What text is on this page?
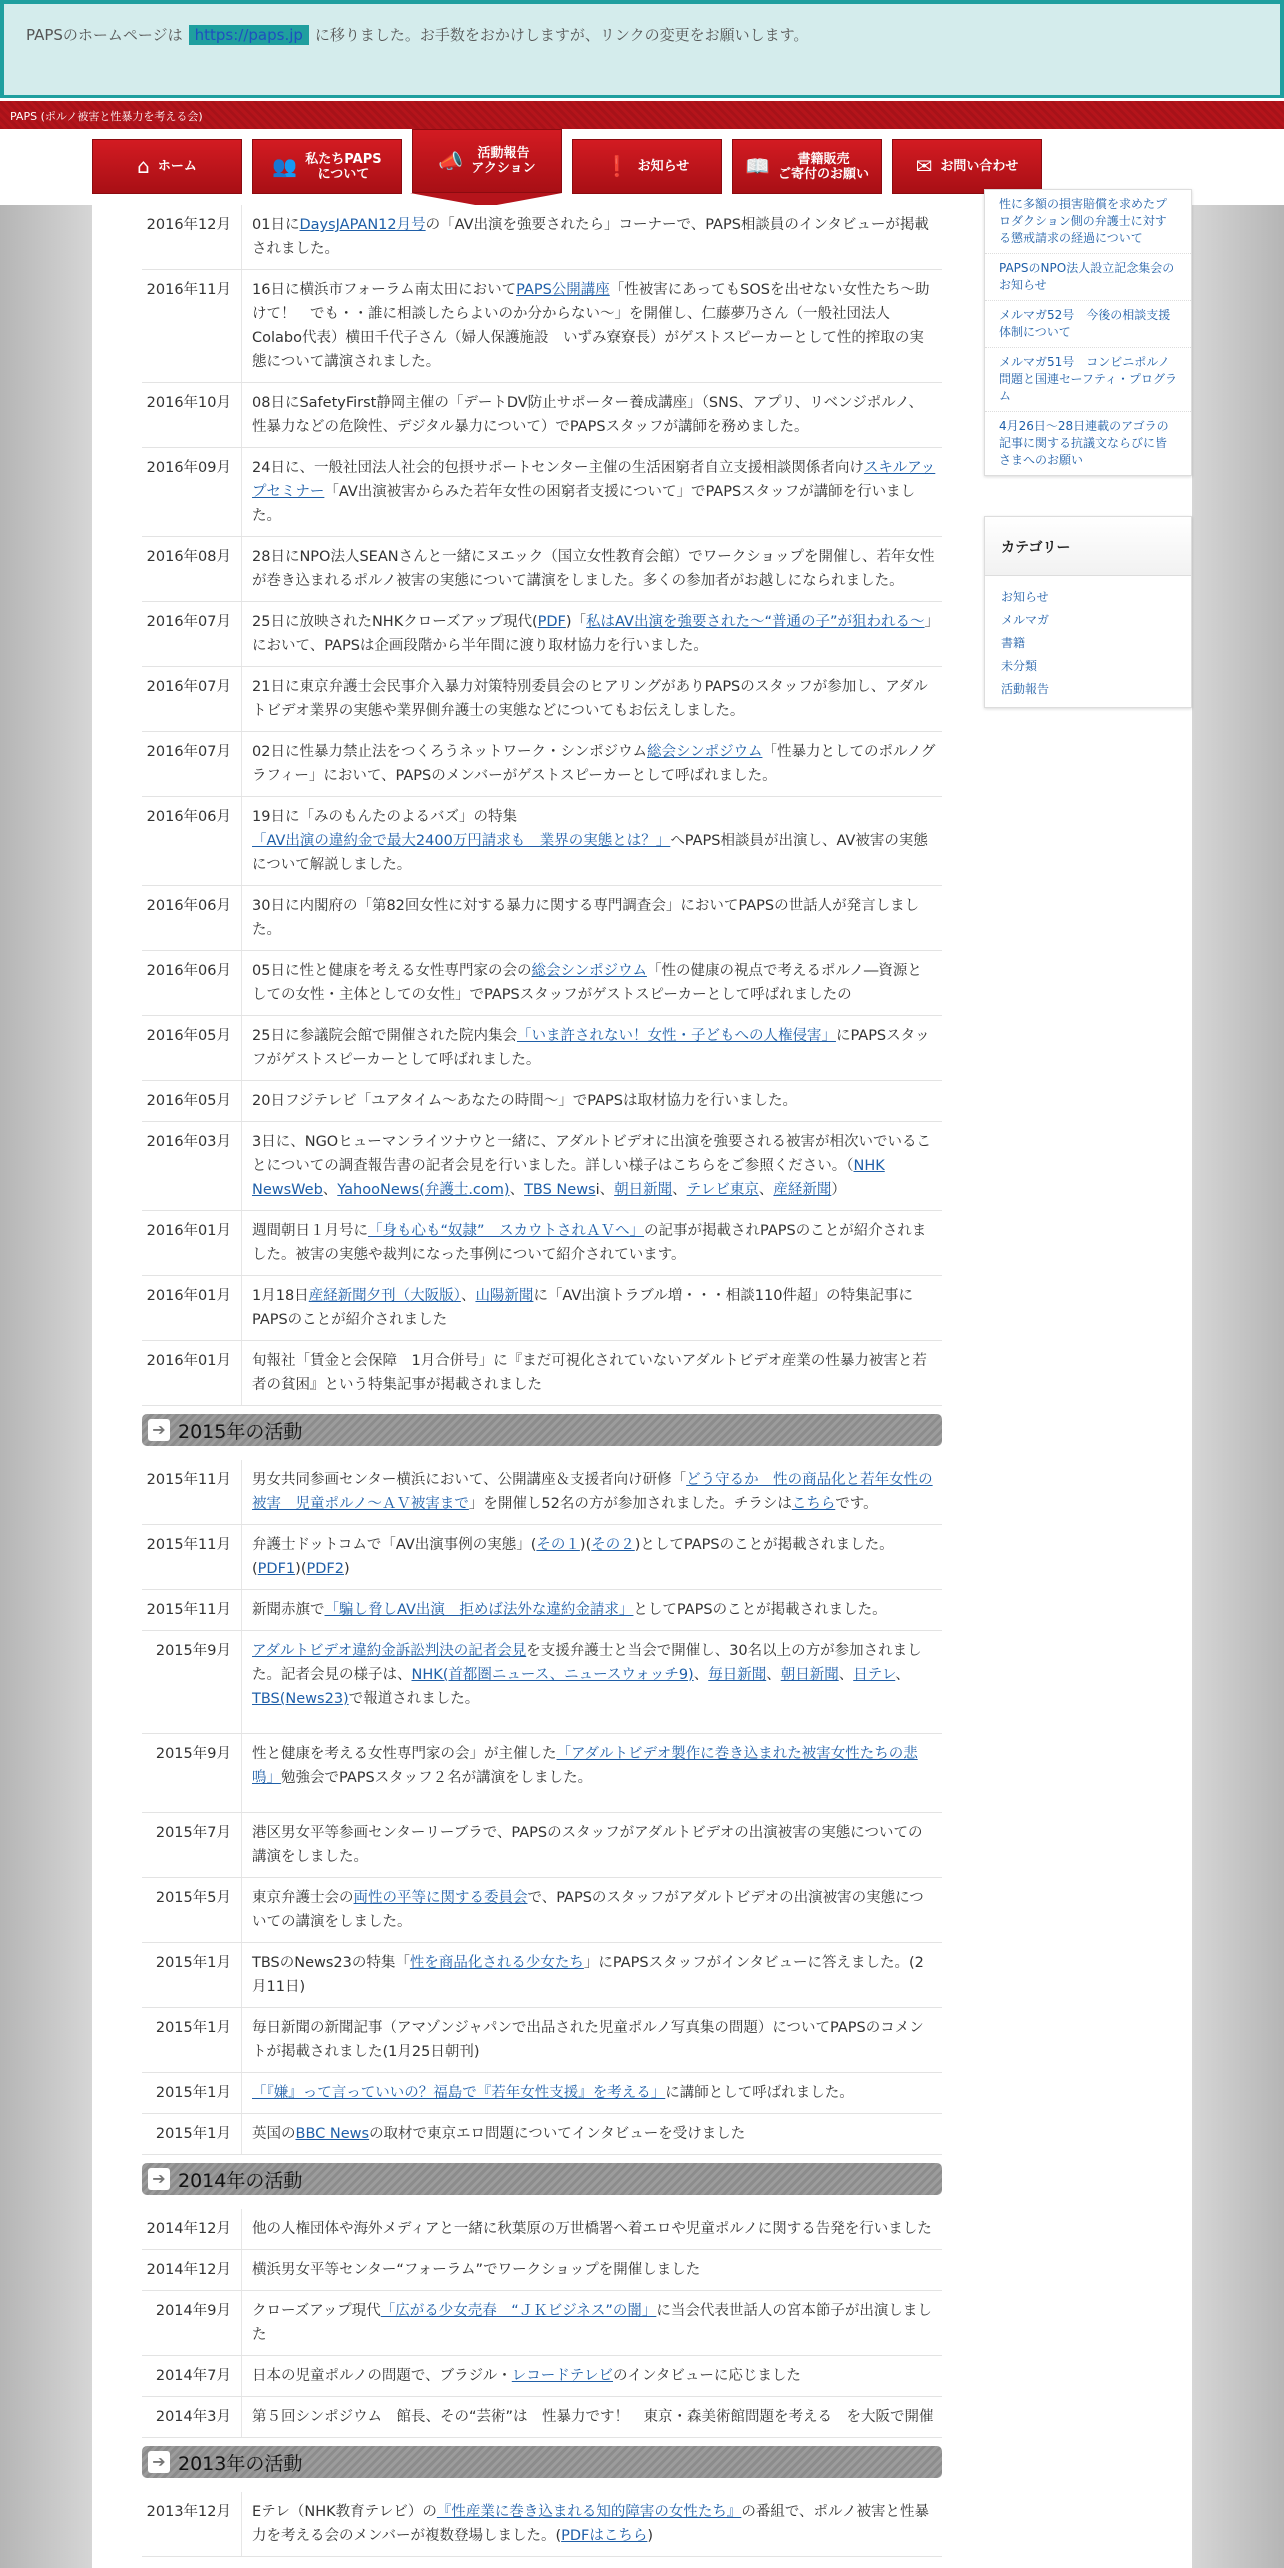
PAPSのホームページは https://paps.jp に移りました。お手数をおかけしますが、リンクの変更をお願いします。
PAPS (ポルノ被害と性暴力を考える会)
⌂ ホーム	👥 私たちPAPS
について
📣	活動報告
アクション	❗ お知らせ	📖	書籍販売
ご寄付のお願い ✉ お問い合わせ
2016年12月	01日にDaysJAPAN12月号の「AV出演を強要されたら」コーナーで、PAPS相談員のインタビューが掲載されました。
2016年11月	16日に横浜市フォーラム南太田においてPAPS公開講座「性被害にあってもSOSを出せない女性たち～助けて！　でも・・誰に相談したらよいのか分からない～」を開催し、仁藤夢乃さん（一般社団法人　Colabo代表）横田千代子さん（婦人保護施設　いずみ寮寮長）がゲストスピーカーとして性的搾取の実態について講演されました。
2016年10月	08日にSafetyFirst静岡主催の「デートDV防止サポーター養成講座」（SNS、アプリ、リベンジポルノ、性暴力などの危険性、デジタル暴力について）でPAPSスタッフが講師を務めました。
2016年09月	24日に、一般社団法人社会的包摂サポートセンター主催の生活困窮者自立支援相談関係者向けスキルアップセミナー「AV出演被害からみた若年女性の困窮者支援について」でPAPSスタッフが講師を行いました。
2016年08月	28日にNPO法人SEANさんと一緒にヌエック（国立女性教育会館）でワークショップを開催し、若年女性が巻き込まれるポルノ被害の実態について講演をしました。多くの参加者がお越しになられました。
2016年07月	25日に放映されたNHKクローズアップ現代(PDF)「私はAV出演を強要された～“普通の子”が狙われる～」において、PAPSは企画段階から半年間に渡り取材協力を行いました。
2016年07月	21日に東京弁護士会民事介入暴力対策特別委員会のヒアリングがありPAPSのスタッフが参加し、アダルトビデオ業界の実態や業界側弁護士の実態などについてもお伝えしました。
2016年07月	02日に性暴力禁止法をつくろうネットワーク・シンポジウム総会シンポジウム「性暴力としてのポルノグラフィー」において、PAPSのメンバーがゲストスピーカーとして呼ばれました。
2016年06月	19日に「みのもんたのよるバズ」の特集
「AV出演の違約金で最大2400万円請求も　業界の実態とは？」へPAPS相談員が出演し、AV被害の実態について解説しました。
2016年06月	30日に内閣府の「第82回女性に対する暴力に関する専門調査会」においてPAPSの世話人が発言しました。
2016年06月	05日に性と健康を考える女性専門家の会の総会シンポジウム「性の健康の視点で考えるポルノ―資源としての女性・主体としての女性」でPAPSスタッフがゲストスピーカーとして呼ばれましたの
2016年05月	25日に参議院会館で開催された院内集会「いま許されない！女性・子どもへの人権侵害」にPAPSスタッフがゲストスピーカーとして呼ばれました。
2016年05月	20日フジテレビ「ユアタイム〜あなたの時間〜」でPAPSは取材協力を行いました。
2016年03月	3日に、NGOヒューマンライツナウと一緒に、アダルトビデオに出演を強要される被害が相次いでいることについての調査報告書の記者会見を行いました。詳しい様子はこちらをご参照ください。（NHK NewsWeb、YahooNews(弁護士.com)、TBS Newsi、朝日新聞、テレビ東京、産経新聞）
2016年01月	週間朝日１月号に「身も心も“奴隷”　スカウトされＡＶへ」の記事が掲載されPAPSのことが紹介されました。被害の実態や裁判になった事例について紹介されています。
2016年01月	1月18日産経新聞夕刊（大阪版）、山陽新聞に「AV出演トラブル増・・・相談110件超」の特集記事にPAPSのことが紹介されました
2016年01月	旬報社「賃金と会保障　1月合併号」に『まだ可視化されていないアダルトビデオ産業の性暴力被害と若者の貧困』という特集記事が掲載されました
➔ 2015年の活動
2015年11月	男女共同参画センター横浜において、公開講座＆支援者向け研修「どう守るか　性の商品化と若年女性の被害　児童ポルノ～ＡＶ被害まで」を開催し52名の方が参加されました。チラシはこちらです。
2015年11月	弁護士ドットコムで「AV出演事例の実態」(その１)(その２)としてPAPSのことが掲載されました。(PDF1)(PDF2)
2015年11月	新聞赤旗で「騙し脅しAV出演　拒めば法外な違約金請求」としてPAPSのことが掲載されました。
2015年9月	アダルトビデオ違約金訴訟判決の記者会見を支援弁護士と当会で開催し、30名以上の方が参加されました。記者会見の様子は、NHK(首都圏ニュース、ニュースウォッチ9)、毎日新聞、朝日新聞、日テレ、TBS(News23)で報道されました。
2015年9月	性と健康を考える女性専門家の会」が主催した「アダルトビデオ製作に巻き込まれた被害女性たちの悲鳴」勉強会でPAPSスタッフ２名が講演をしました。
2015年7月	港区男女平等参画センターリーブラで、PAPSのスタッフがアダルトビデオの出演被害の実態についての講演をしました。
2015年5月	東京弁護士会の両性の平等に関する委員会で、PAPSのスタッフがアダルトビデオの出演被害の実態についての講演をしました。
2015年1月	TBSのNews23の特集「性を商品化される少女たち」にPAPSスタッフがインタビューに答えました。(2月11日)
2015年1月	毎日新聞の新聞記事（アマゾンジャパンで出品された児童ポルノ写真集の問題）についてPAPSのコメントが掲載されました(1月25日朝刊)
2015年1月	「『嫌』って言っていいの？福島で『若年女性支援』を考える」に講師として呼ばれました。
2015年1月	英国のBBC Newsの取材で東京エロ問題についてインタビューを受けました
➔ 2014年の活動
2014年12月	他の人権団体や海外メディアと一緒に秋葉原の万世橋署へ着エロや児童ポルノに関する告発を行いました
2014年12月	横浜男女平等センター“フォーラム”でワークショップを開催しました
2014年9月	クローズアップ現代「広がる少女売春　“ＪＫビジネス”の闇」に当会代表世話人の宮本節子が出演しました
2014年7月	日本の児童ポルノの問題で、ブラジル・レコードテレビのインタビューに応じました
2014年3月	第５回シンポジウム　館長、その“芸術”は　性暴力です！　東京・森美術館問題を考える　を大阪で開催
➔ 2013年の活動
2013年12月	Eテレ（NHK教育テレビ）の『性産業に巻き込まれる知的障害の女性たち』の番組で、ポルノ被害と性暴力を考える会のメンバーが複数登場しました。(PDFはこちら)
性に多額の損害賠償を求めたプロダクション側の弁護士に対する懲戒請求の経過について
PAPSのNPO法人設立記念集会のお知らせ
メルマガ52号　今後の相談支援体制について
メルマガ51号　コンビニポルノ問題と国連セーフティ・プログラム
4月26日〜28日連載のアゴラの記事に関する抗議文ならびに皆さまへのお願い
カテゴリー
お知らせ
メルマガ
書籍
未分類
活動報告
